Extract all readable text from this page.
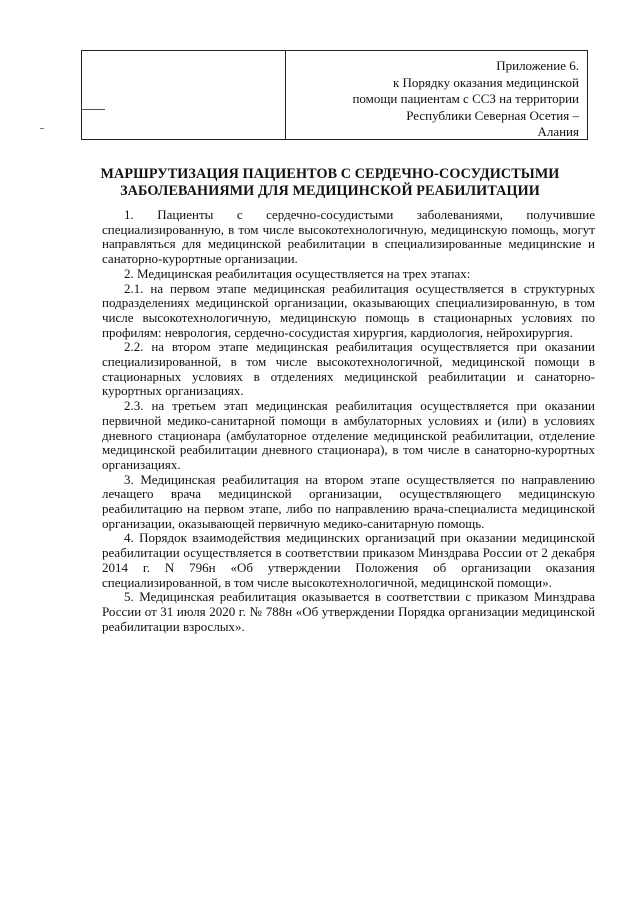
Приложение 6.
к Порядку оказания медицинской
помощи пациентам с ССЗ на территории
Республики Северная Осетия –
Алания
МАРШРУТИЗАЦИЯ ПАЦИЕНТОВ С СЕРДЕЧНО-СОСУДИСТЫМИ
ЗАБОЛЕВАНИЯМИ ДЛЯ МЕДИЦИНСКОЙ РЕАБИЛИТАЦИИ

1. Пациенты с сердечно-сосудистыми заболеваниями, получившие специализированную, в том числе высокотехнологичную, медицинскую помощь, могут направляться для медицинской реабилитации в специализированные медицинские и санаторно-курортные организации.

2. Медицинская реабилитация осуществляется на трех этапах:

2.1. на первом этапе медицинская реабилитация осуществляется в структурных подразделениях медицинской организации, оказывающих специализированную, в том числе высокотехнологичную, медицинскую помощь в стационарных условиях по профилям: неврология, сердечно-сосудистая хирургия, кардиология, нейрохирургия.

2.2. на втором этапе медицинская реабилитация осуществляется при оказании специализированной, в том числе высокотехнологичной, медицинской помощи в стационарных условиях в отделениях медицинской реабилитации и санаторно-курортных организациях.

2.3. на третьем этап медицинская реабилитация осуществляется при оказании первичной медико-санитарной помощи в амбулаторных условиях и (или) в условиях дневного стационара (амбулаторное отделение медицинской реабилитации, отделение медицинской реабилитации дневного стационара), в том числе в санаторно-курортных организациях.

3. Медицинская реабилитация на втором этапе осуществляется по направлению лечащего врача медицинской организации, осуществляющего медицинскую реабилитацию на первом этапе, либо по направлению врача-специалиста медицинской организации, оказывающей первичную медико-санитарную помощь.

4. Порядок взаимодействия медицинских организаций при оказании медицинской реабилитации осуществляется в соответствии приказом Минздрава России от 2 декабря 2014 г. N 796н «Об утверждении Положения об организации оказания специализированной, в том числе высокотехнологичной, медицинской помощи».

5. Медицинская реабилитация оказывается в соответствии с приказом Минздрава России от 31 июля 2020 г. № 788н «Об утверждении Порядка организации медицинской реабилитации взрослых».
